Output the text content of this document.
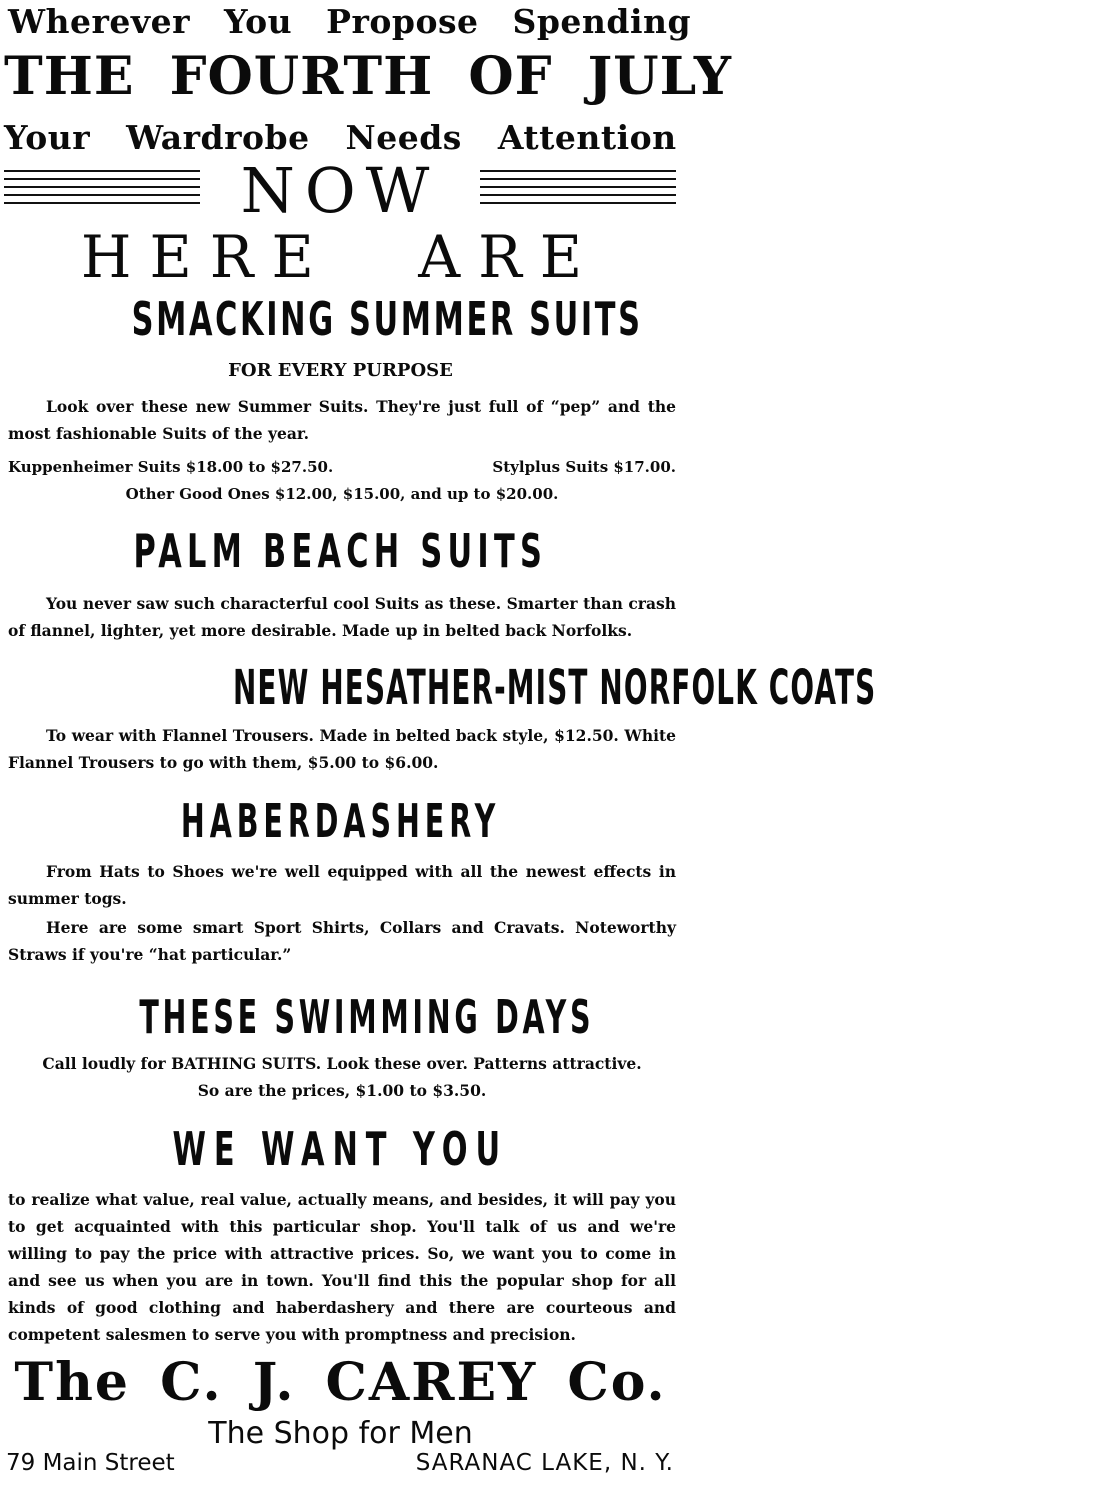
Wherever You Propose Spending
THE FOURTH OF JULY
Your Wardrobe Needs Attention
NOW
HERE ARE
SMACKING SUMMER SUITS
FOR EVERY PURPOSE

Look over these new Summer Suits. They're just full of “pep” and the most fashionable Suits of the year.

Kuppenheimer Suits $18.00 to $27.50.	Stylplus Suits $17.00.
Other Good Ones $12.00, $15.00, and up to $20.00.
PALM BEACH SUITS

You never saw such characterful cool Suits as these. Smarter than crash of flannel, lighter, yet more desirable. Made up in belted back Norfolks.

NEW HESATHER-MIST NORFOLK COATS

To wear with Flannel Trousers. Made in belted back style, $12.50. White Flannel Trousers to go with them, $5.00 to $6.00.

HABERDASHERY

From Hats to Shoes we're well equipped with all the newest effects in summer togs.

Here are some smart Sport Shirts, Collars and Cravats. Noteworthy Straws if you're “hat particular.”

THESE SWIMMING DAYS
Call loudly for BATHING SUITS. Look these over. Patterns attractive.
So are the prices, $1.00 to $3.50.
WE WANT YOU

to realize what value, real value, actually means, and besides, it will pay you to get acquainted with this particular shop. You'll talk of us and we're willing to pay the price with attractive prices. So, we want you to come in and see us when you are in town. You'll find this the popular shop for all kinds of good clothing and haberdashery and there are courteous and competent salesmen to serve you with promptness and precision.

The C. J. CAREY Co.
The Shop for Men
79 Main Street	SARANAC LAKE, N. Y.
